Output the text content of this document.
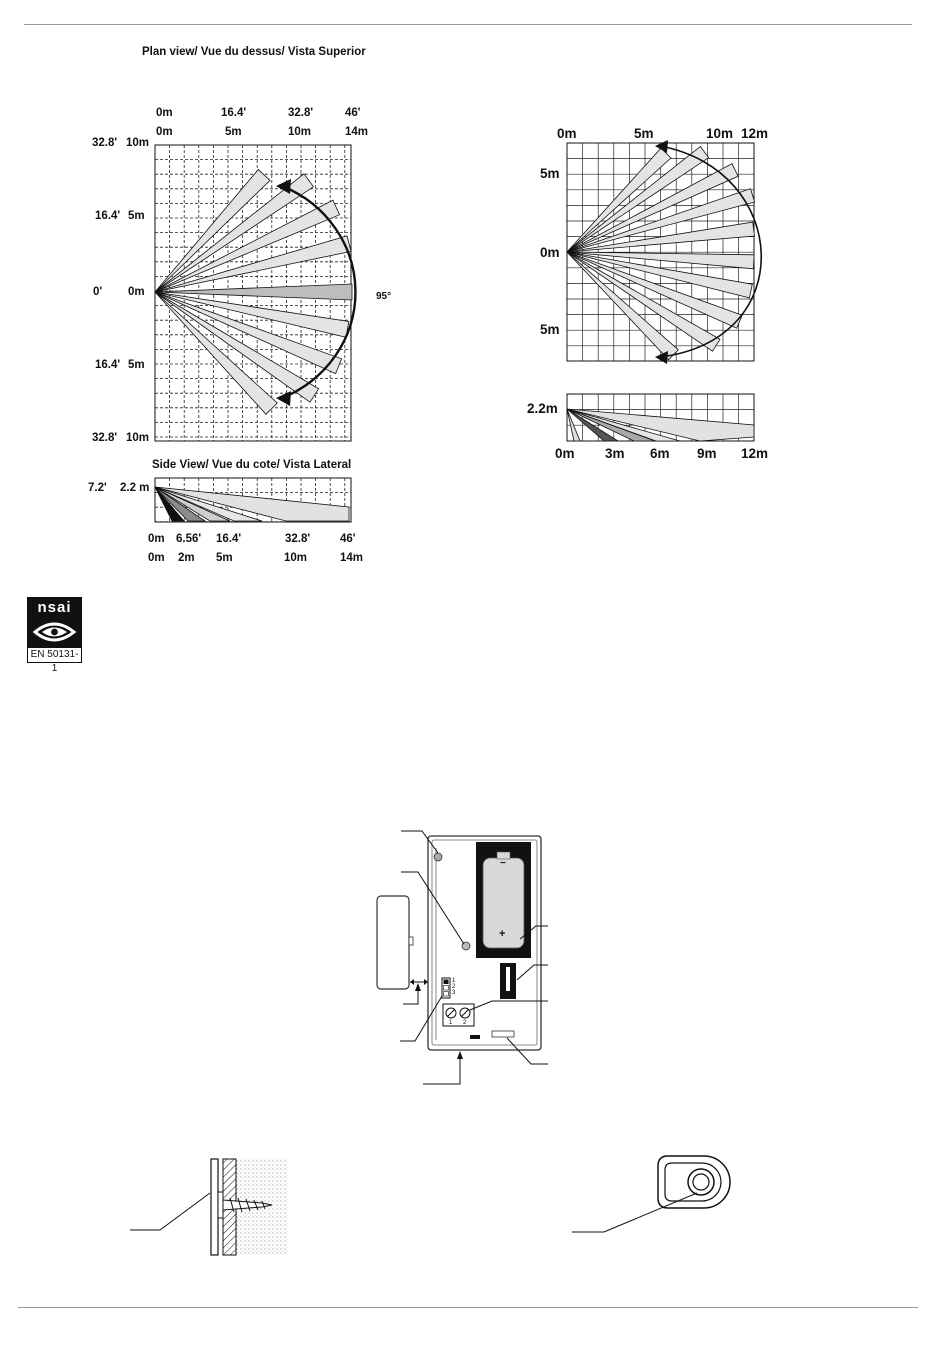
Plan view/ Vue du dessus/ Vista Superior
0m	16.4'	32.8'	46'
0m	5m	10m	14m
32.8' 10m
16.4' 5m
0' 0m
16.4' 5m
32.8' 10m
95°
Side View/ Vue du cote/ Vista Lateral
7.2' 2.2 m
0m 6.56' 16.4'	32.8'	46'
0m 2m 5m	10m	14m
0m	5m	10m 12m
5m
0m
5m
2.2m
0m 3m 6m 9m 12m
nsai
EN 50131-1
−
+
1
2
3
1 2
